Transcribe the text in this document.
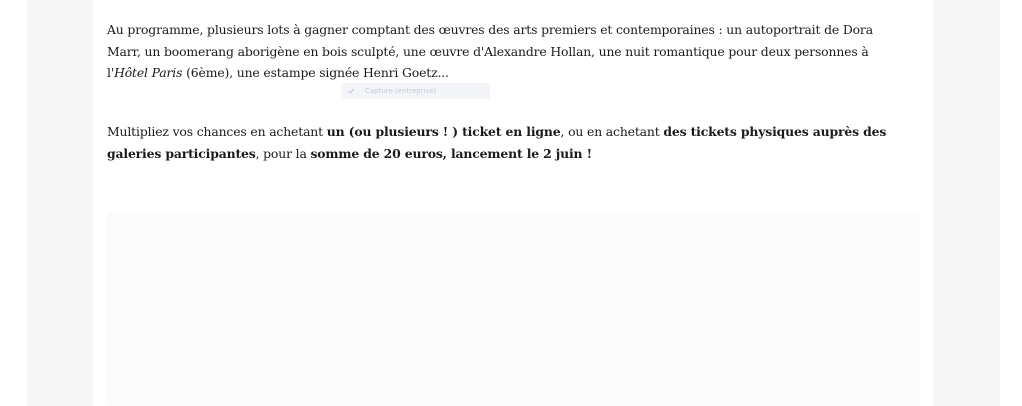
Au programme, plusieurs lots à gagner comptant des œuvres des arts premiers et contemporaines : un autoportrait de Dora Marr, un boomerang aborigène en bois sculpté, une œuvre d'Alexandre Hollan, une nuit romantique pour deux personnes à l'Hôtel Paris (6ème), une estampe signée Henri Goetz...

Multipliez vos chances en achetant un (ou plusieurs ! ) ticket en ligne, ou en achetant des tickets physiques auprès des galeries participantes, pour la somme de 20 euros, lancement le 2 juin !

Capture (entreprise)
